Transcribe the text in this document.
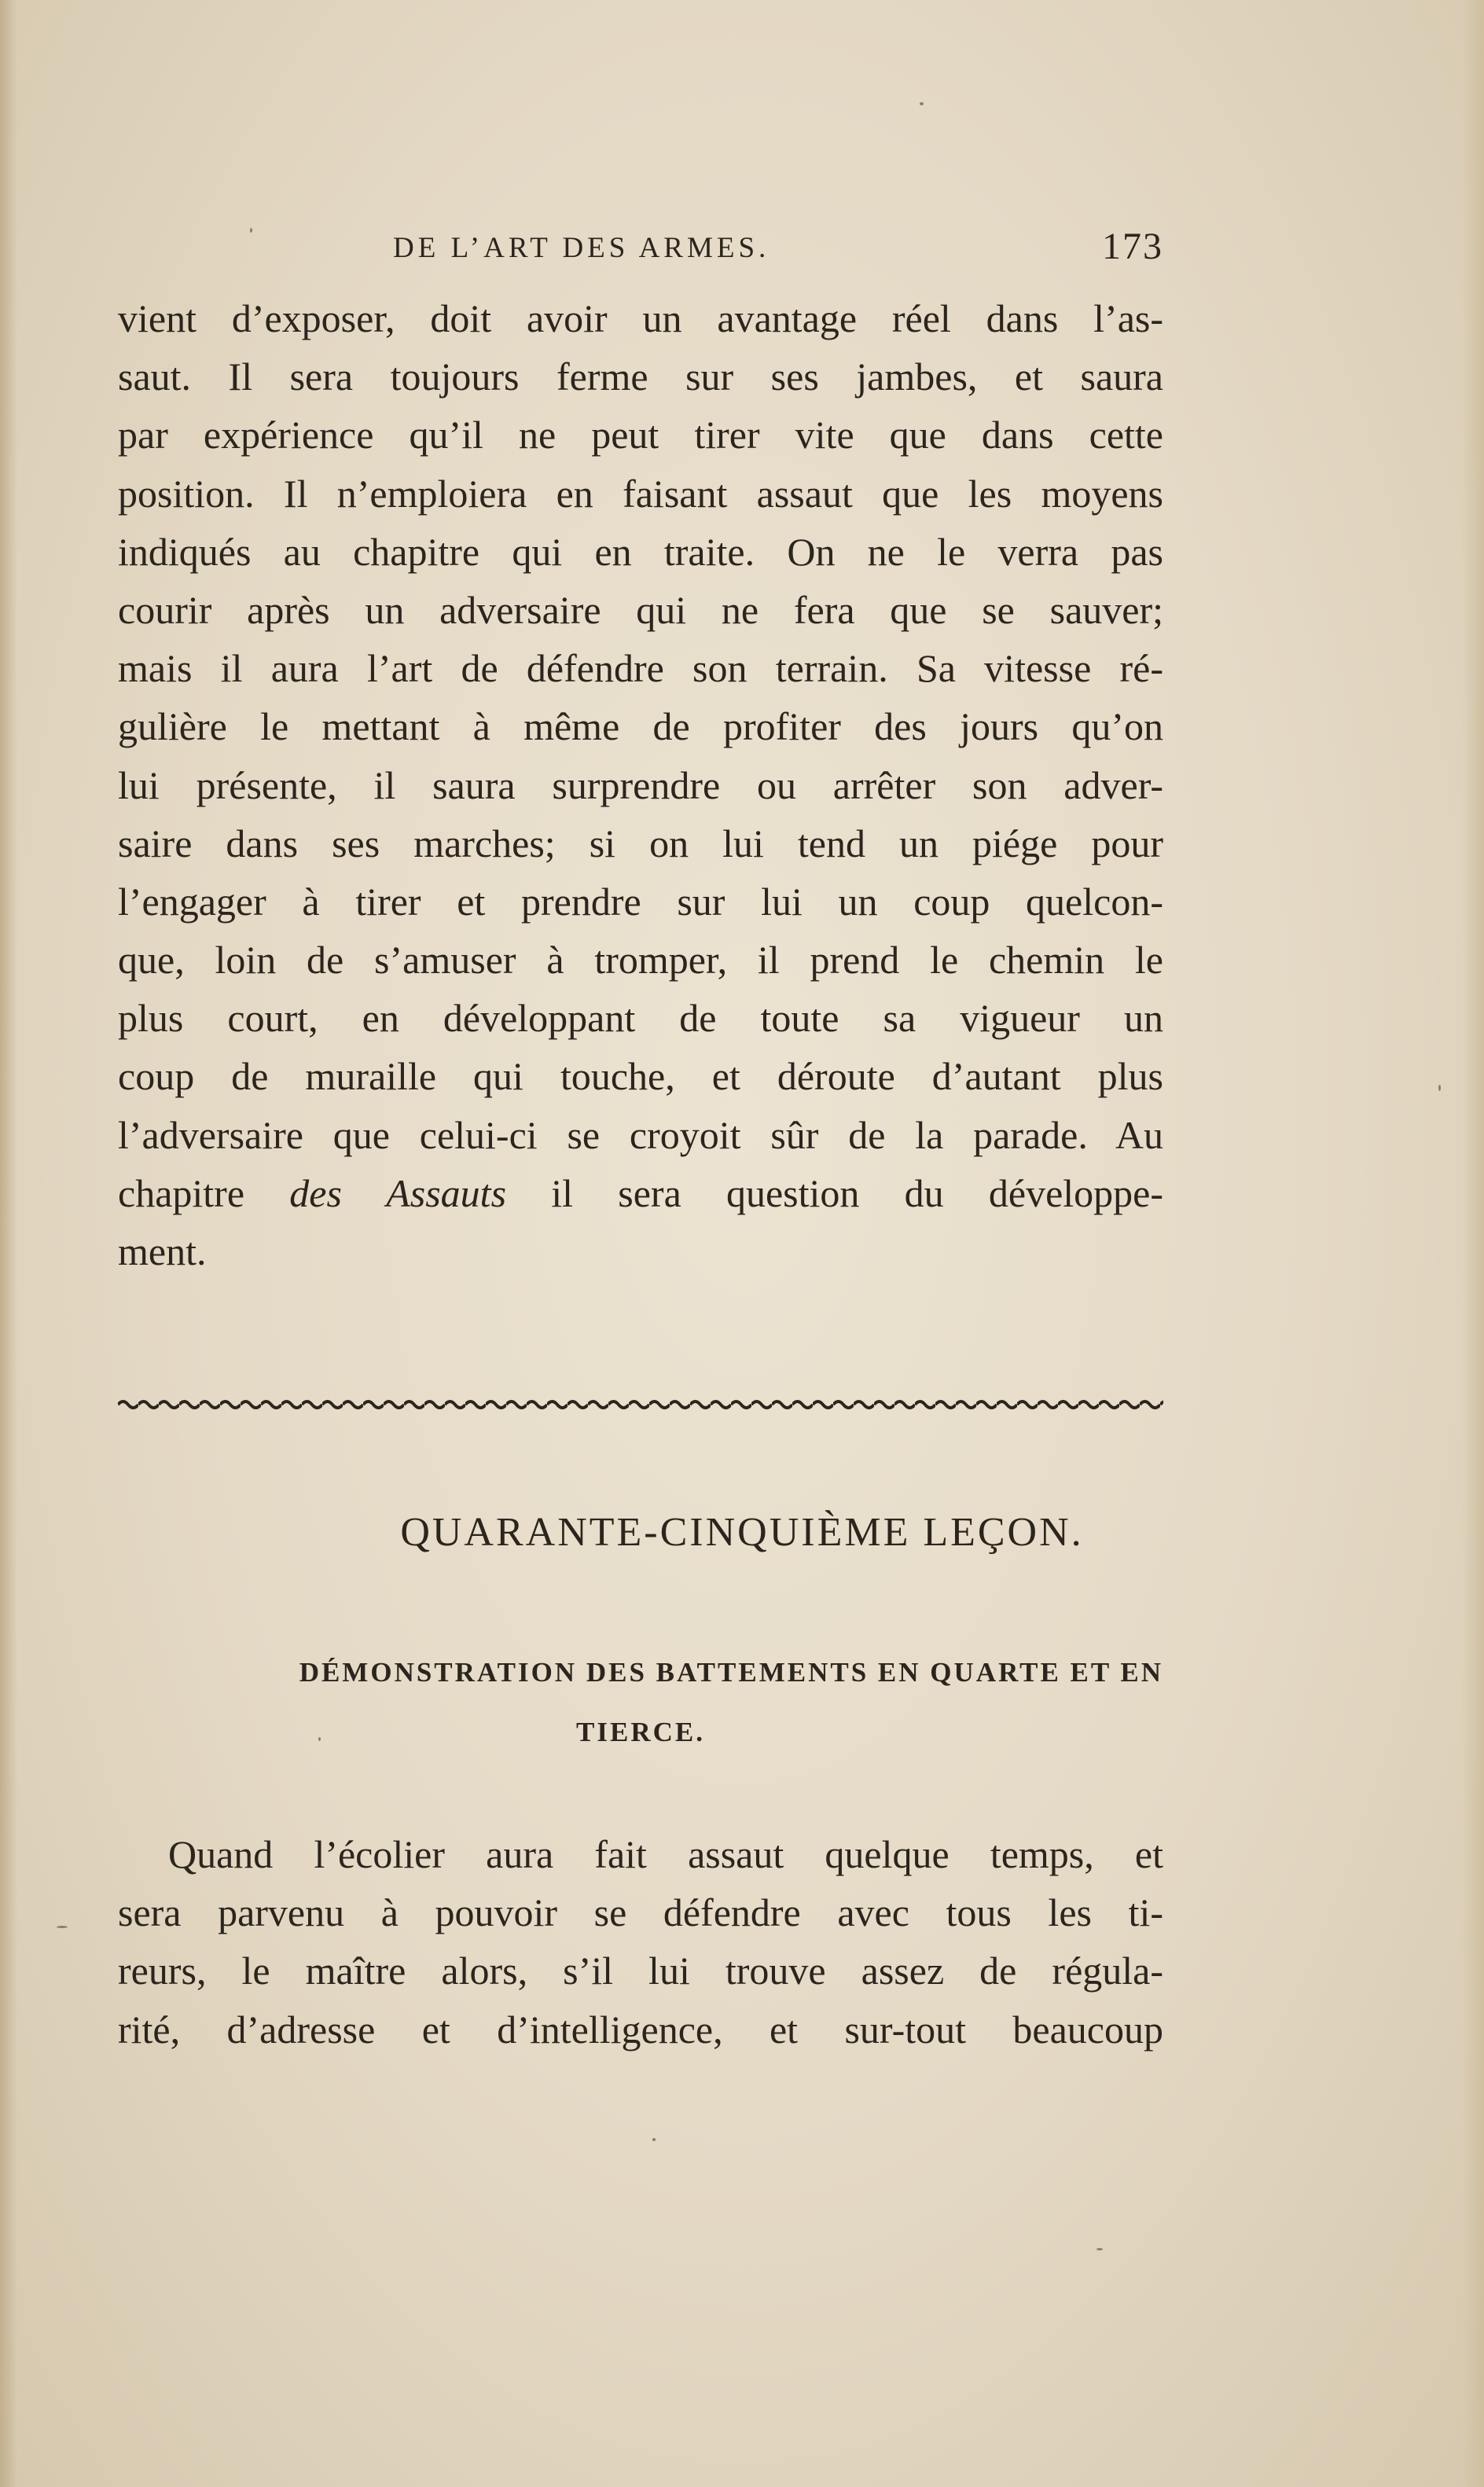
DE L’ART DES ARMES.	173
vient d’exposer, doit avoir un avantage réel dans l’as-
saut. Il sera toujours ferme sur ses jambes, et saura
par expérience qu’il ne peut tirer vite que dans cette
position. Il n’emploiera en faisant assaut que les moyens
indiqués au chapitre qui en traite. On ne le verra pas
courir après un adversaire qui ne fera que se sauver;
mais il aura l’art de défendre son terrain. Sa vitesse ré-
gulière le mettant à même de profiter des jours qu’on
lui présente, il saura surprendre ou arrêter son adver-
saire dans ses marches; si on lui tend un piége pour
l’engager à tirer et prendre sur lui un coup quelcon-
que, loin de s’amuser à tromper, il prend le chemin le
plus court, en développant de toute sa vigueur un
coup de muraille qui touche, et déroute d’autant plus
l’adversaire que celui-ci se croyoit sûr de la parade. Au
chapitre des Assauts il sera question du développe-
ment.
QUARANTE-CINQUIÈME LEÇON.
DÉMONSTRATION DES BATTEMENTS EN QUARTE ET EN
TIERCE.
Quand l’écolier aura fait assaut quelque temps, et
sera parvenu à pouvoir se défendre avec tous les ti-
reurs, le maître alors, s’il lui trouve assez de régula-
rité, d’adresse et d’intelligence, et sur-tout beaucoup
